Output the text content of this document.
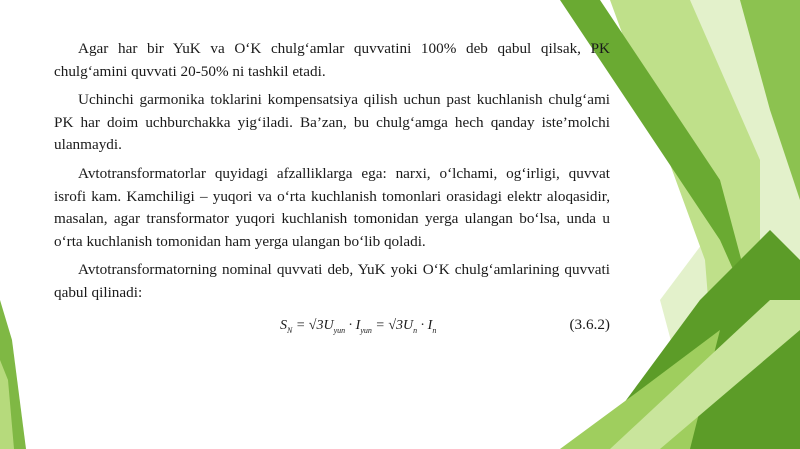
Agar har bir YuK va O‘K chulg‘amlar quvvatini 100% deb qabul qilsak, PK chulg‘amini quvvati 20-50% ni tashkil etadi.

Uchinchi garmonika toklarini kompensatsiya qilish uchun past kuchlanish chulg‘ami PK har doim uchburchakka yig‘iladi. Ba’zan, bu chulg‘amga hech qanday iste’molchi ulanmaydi.

Avtotransformatorlar quyidagi afzalliklarga ega: narxi, o‘lchami, og‘irligi, quvvat isrofi kam. Kamchiligi – yuqori va o‘rta kuchlanish tomonlari orasidagi elektr aloqasidir, masalan, agar transformator yuqori kuchlanish tomonidan yerga ulangan bo‘lsa, unda u o‘rta kuchlanish tomonidan ham yerga ulangan bo‘lib qoladi.

Avtotransformatorning nominal quvvati deb, YuK yoki O‘K chulg‘amlarining quvvati qabul qilinadi:

$S_N = √3U_{yun} \cdot I_{yun} = √3U_n \cdot I_n$	(3.6.2)
